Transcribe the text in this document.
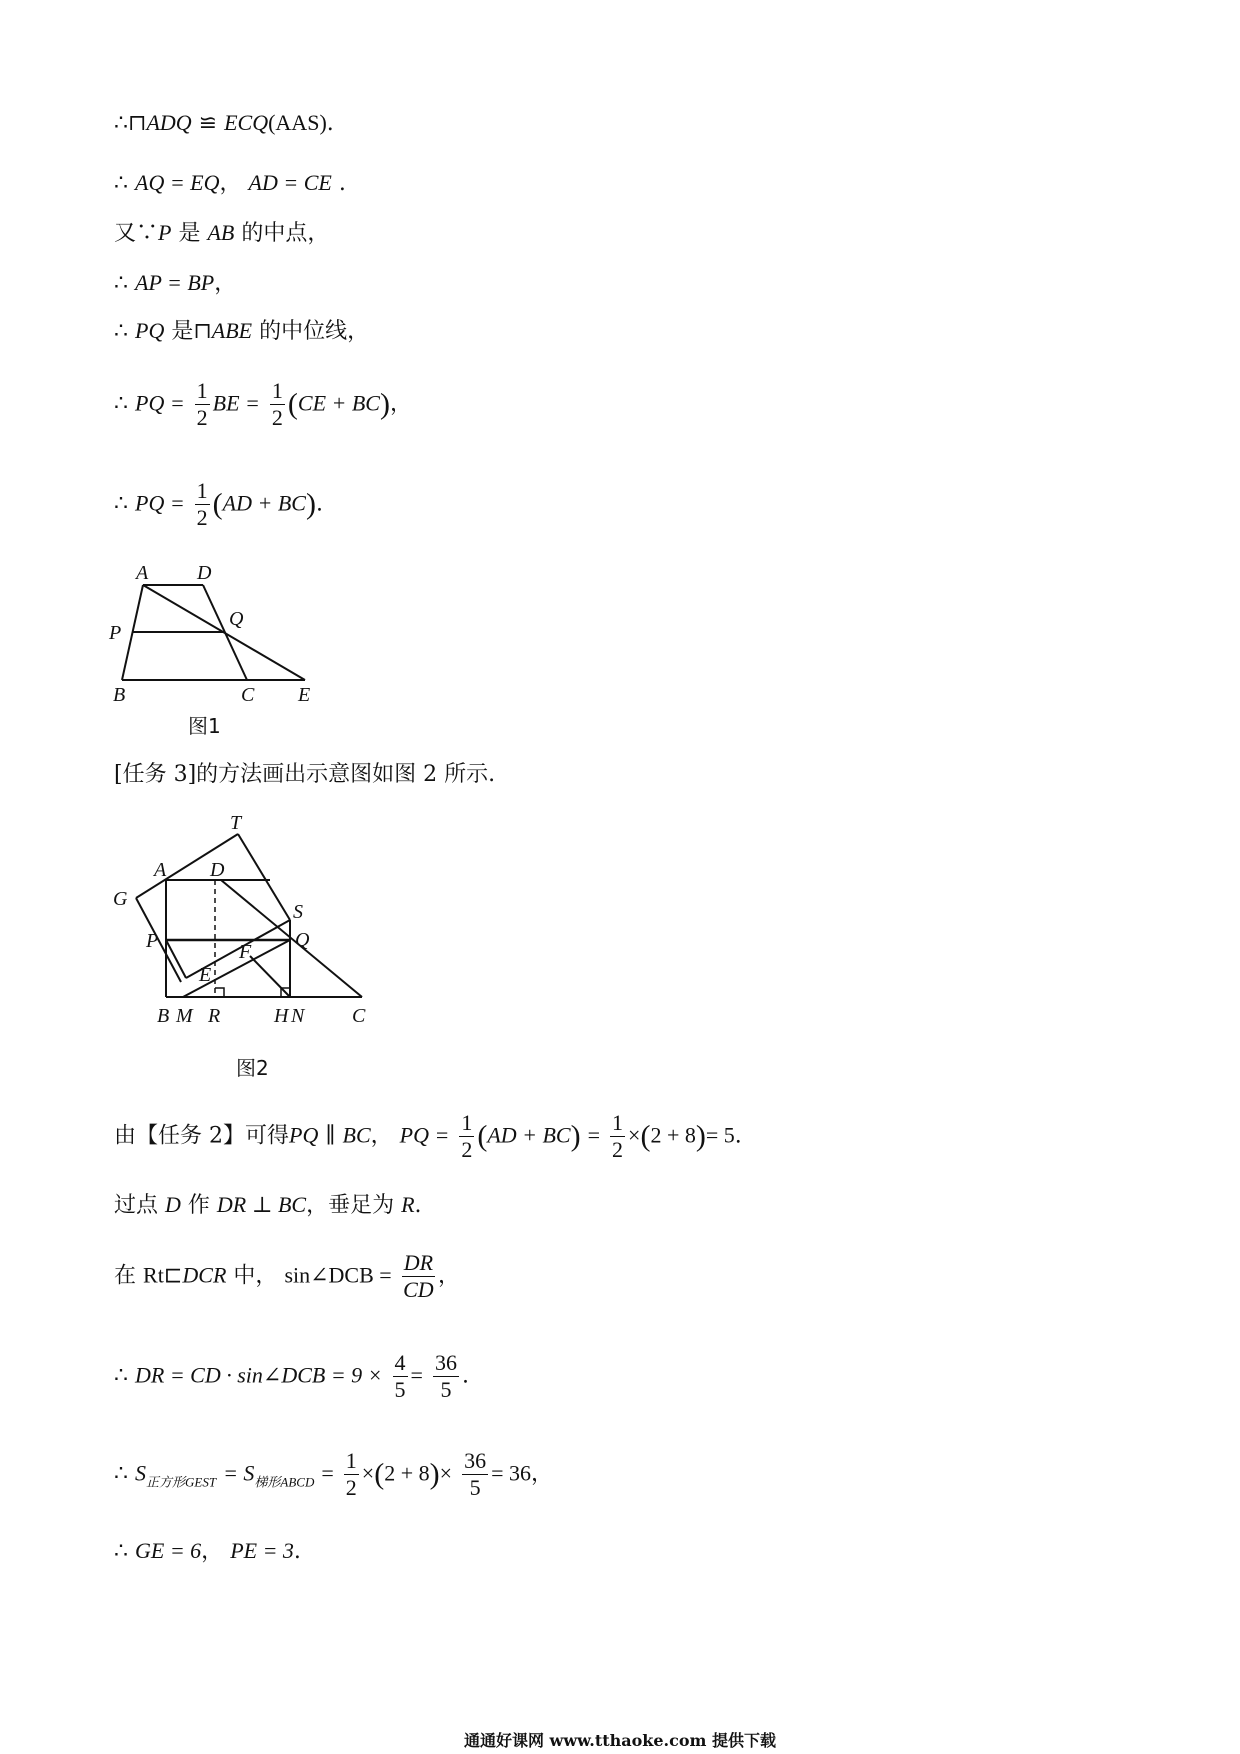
∴⊓ADQ ≌ ECQ(AAS).
∴ AQ = EQ， AD = CE .
又∵P 是 AB 的中点，
∴ AP = BP，
∴ PQ 是⊓ABE 的中位线，
∴ PQ = $\frac{1}{2}$ BE = $\frac{1}{2} (CE + BC)$，
∴ PQ = $\frac{1}{2} (AD + BC)$.
A D
P
Q
B	C E
图1
[任务 3]的方法画出示意图如图 2 所示.
T
A D
G
S
P	Q
F
E
B M R	H N C
图2
由【任务 2】可得PQ ∥ BC， PQ = $\frac{1}{2} (AD + BC) = \frac{1}{2} \times(2 + 8)= 5$.
过点 D 作 DR ⊥ BC，垂足为 R.
在 Rt⊏DCR 中， sin∠DCB = $\frac{DR}{CD}$ ，
∴ DR = CD · sin∠DCB = $9 \times \frac{4}{5} = \frac{36}{5}$ .
∴ $S_{正方形GEST} = S_{梯形ABCD} = \frac{1}{2} \times(2 + 8)\times \frac{36}{5} = 36$，
∴ GE = 6， PE = 3.
通通好课网 www.tthaoke.com 提供下载
